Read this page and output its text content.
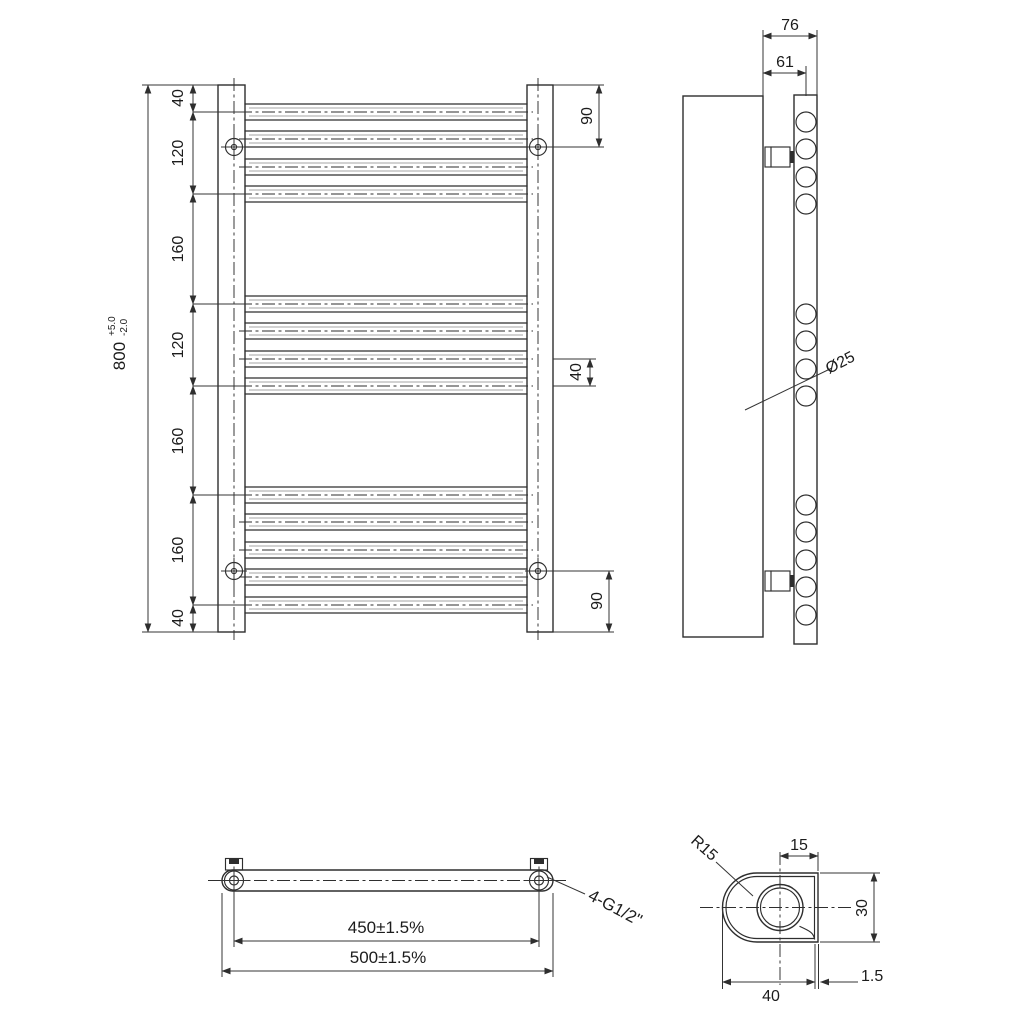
40
120
160
120
160
160
40
800
+5.0 -2.0
90
40
90
76
61
Ø25
450±1.5%
500±1.5%
4-G1/2"
15
30
40
1.5
R15
